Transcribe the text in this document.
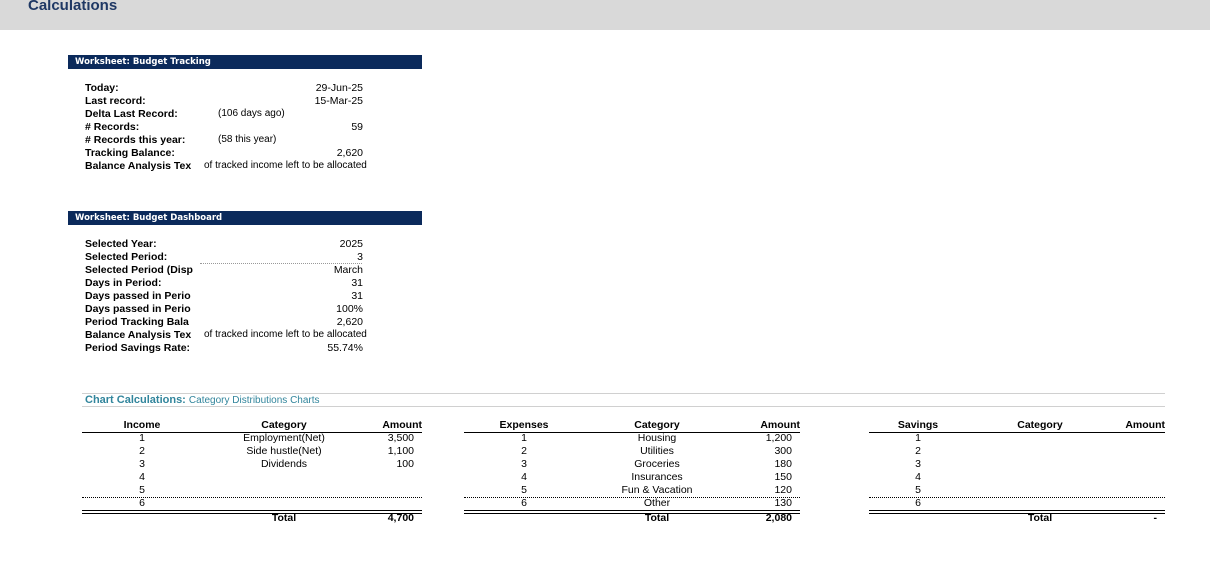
Calculations
Worksheet: Budget Tracking
Today:	29-Jun-25
Last record:	15-Mar-25
Delta Last Record:	(106 days ago)
# Records:	59
# Records this year:	(58 this year)
Tracking Balance:	2,620
Balance Analysis Tex	of tracked income left to be allocated
Worksheet: Budget Dashboard
Selected Year:	2025
Selected Period:	3
Selected Period (Disp	March
Days in Period:	31
Days passed in Perio	31
Days passed in Perio	100%
Period Tracking Bala	2,620
Balance Analysis Tex	of tracked income left to be allocated
Period Savings Rate:	55.74%
Chart Calculations: Category Distributions Charts
Income	Category	Amount
1	Employment(Net)	3,500
2	Side hustle(Net)	1,100
3	Dividends	100
4
5
6
Total	4,700
Expenses	Category	Amount
1	Housing	1,200
2	Utilities	300
3	Groceries	180
4	Insurances	150
5	Fun & Vacation	120
6	Other	130
Total	2,080
Savings	Category	Amount
1
2
3
4
5
6
Total	-
